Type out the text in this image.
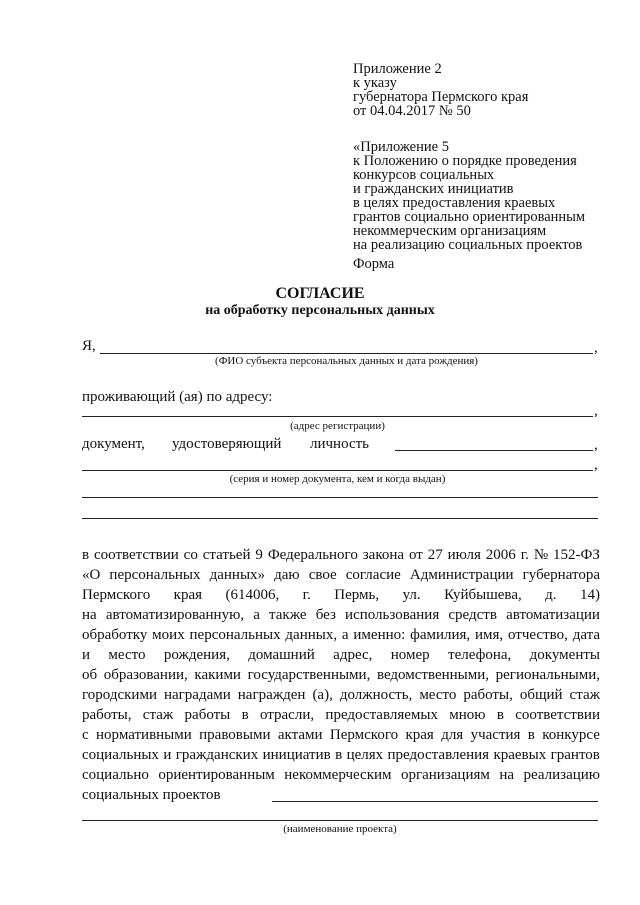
Приложение 2
к указу
губернатора Пермского края
от 04.04.2017 № 50
«Приложение 5
к Положению о порядке проведения
конкурсов социальных
и гражданских инициатив
в целях предоставления краевых
грантов социально ориентированным
некоммерческим организациям
на реализацию социальных проектов
Форма
СОГЛАСИЕ
на обработку персональных данных
Я,	,
(ФИО субъекта персональных данных и дата рождения)
проживающий (ая) по адресу:
,
(адрес регистрации)
документ, удостоверяющий личность	,
,
(серия и номер документа, кем и когда выдан)
в соответствии со статьей 9 Федерального закона от 27 июля 2006 г. № 152-ФЗ
«О персональных данных» даю свое согласие Администрации губернатора
Пермского края (614006, г. Пермь, ул. Куйбышева, д. 14)
на автоматизированную, а также без использования средств автоматизации
обработку моих персональных данных, а именно: фамилия, имя, отчество, дата
и место рождения, домашний адрес, номер телефона, документы
об образовании, какими государственными, ведомственными, региональными,
городскими наградами награжден (а), должность, место работы, общий стаж
работы, стаж работы в отрасли, предоставляемых мною в соответствии
с нормативными правовыми актами Пермского края для участия в конкурсе
социальных и гражданских инициатив в целях предоставления краевых грантов
социально ориентированным некоммерческим организациям на реализацию
социальных проектов
(наименование проекта)
